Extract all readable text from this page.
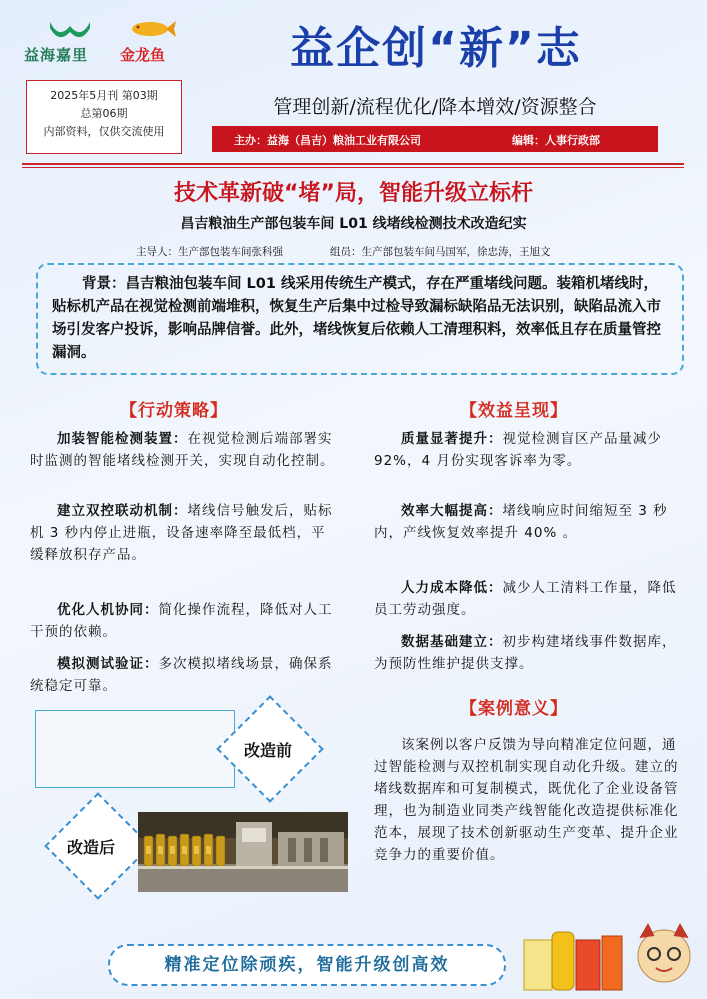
益海嘉里	金龙鱼	益企创“新”志
管理创新/流程优化/降本增效/资源整合
2025年5月刊 第03期
总第06期
内部资料，仅供交流使用
主办：益海（昌吉）粮油工业有限公司	编辑：人事行政部
技术革新破“堵”局，智能升级立标杆
昌吉粮油生产部包装车间 L01 线堵线检测技术改造纪实
主导人：生产部包装车间张科强	组员：生产部包装车间马国军，徐忠涛，王旭文
背景：昌吉粮油包装车间 L01 线采用传统生产模式，存在严重堵线问题。装箱机堵线时，贴标机产品在视觉检测前端堆积，恢复生产后集中过检导致漏标缺陷品无法识别，缺陷品流入市场引发客户投诉，影响品牌信誉。此外，堵线恢复后依赖人工清理积料，效率低且存在质量管控漏洞。
【行动策略】
加装智能检测装置：在视觉检测后端部署实时监测的智能堵线检测开关，实现自动化控制。
建立双控联动机制：堵线信号触发后，贴标机 3 秒内停止进瓶，设备速率降至最低档，平缓释放积存产品。
优化人机协同：简化操作流程，降低对人工干预的依赖。
模拟测试验证：多次模拟堵线场景，确保系统稳定可靠。
改造前
改造后
【效益呈现】
质量显著提升：视觉检测盲区产品量减少 92%，4 月份实现客诉率为零。
效率大幅提高：堵线响应时间缩短至 3 秒内，产线恢复效率提升 40% 。
人力成本降低：减少人工清料工作量，降低员工劳动强度。
数据基础建立：初步构建堵线事件数据库，为预防性维护提供支撑。
【案例意义】
该案例以客户反馈为导向精准定位问题，通过智能检测与双控机制实现自动化升级。建立的堵线数据库和可复制模式，既优化了企业设备管理，也为制造业同类产线智能化改造提供标准化范本，展现了技术创新驱动生产变革、提升企业竞争力的重要价值。
精准定位除顽疾，智能升级创高效
